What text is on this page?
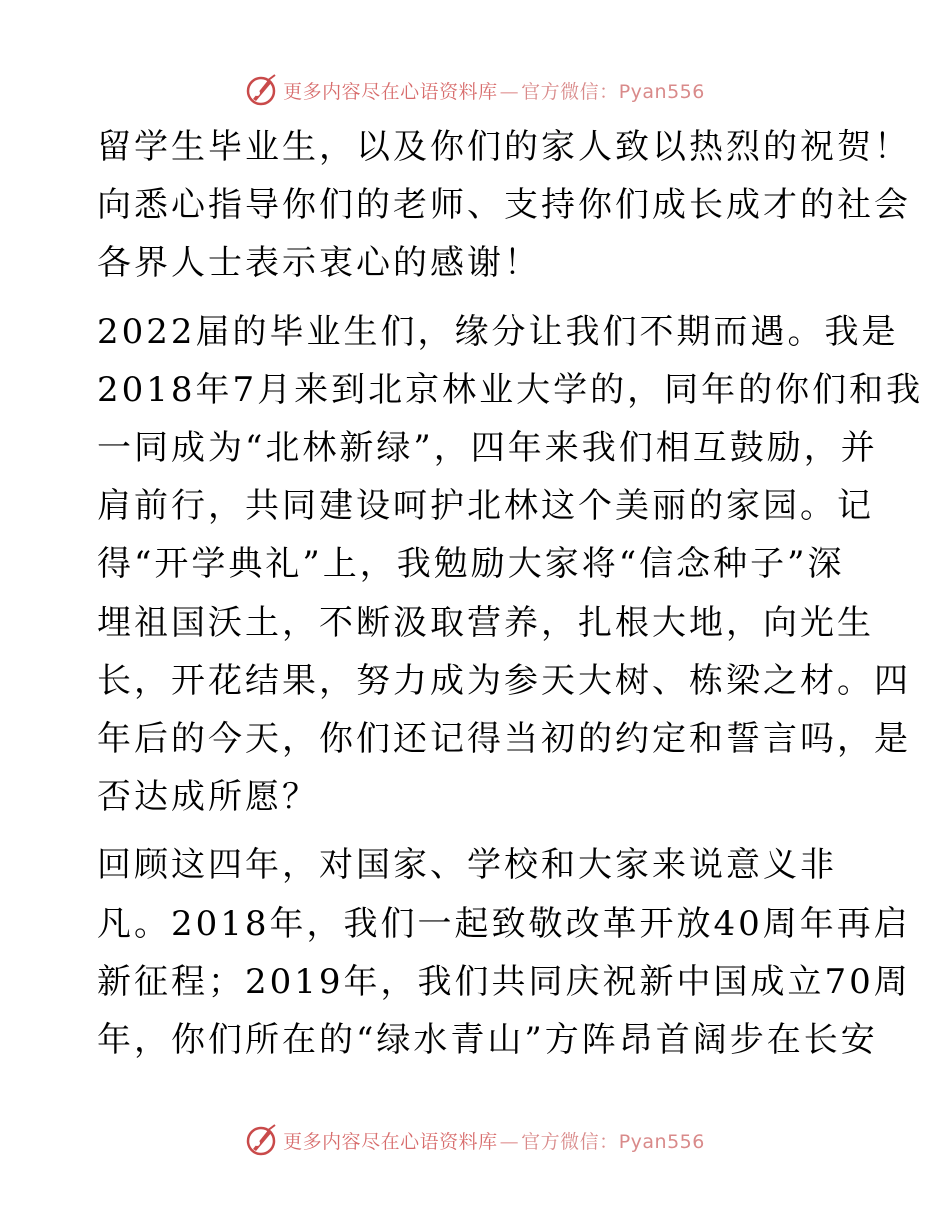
更多内容尽在心语资料库 — 官方微信：Pyan556

留学生毕业生，以及你们的家人致以热烈的祝贺！
向悉心指导你们的老师、支持你们成长成才的社会
各界人士表示衷心的感谢！

2022届的毕业生们，缘分让我们不期而遇。我是
2018年7月来到北京林业大学的，同年的你们和我
一同成为“北林新绿”，四年来我们相互鼓励，并
肩前行，共同建设呵护北林这个美丽的家园。记
得“开学典礼”上，我勉励大家将“信念种子”深
埋祖国沃土，不断汲取营养，扎根大地，向光生
长，开花结果，努力成为参天大树、栋梁之材。四
年后的今天，你们还记得当初的约定和誓言吗，是
否达成所愿？

回顾这四年，对国家、学校和大家来说意义非
凡。2018年，我们一起致敬改革开放40周年再启
新征程；2019年，我们共同庆祝新中国成立70周
年，你们所在的“绿水青山”方阵昂首阔步在长安

更多内容尽在心语资料库 — 官方微信：Pyan556
